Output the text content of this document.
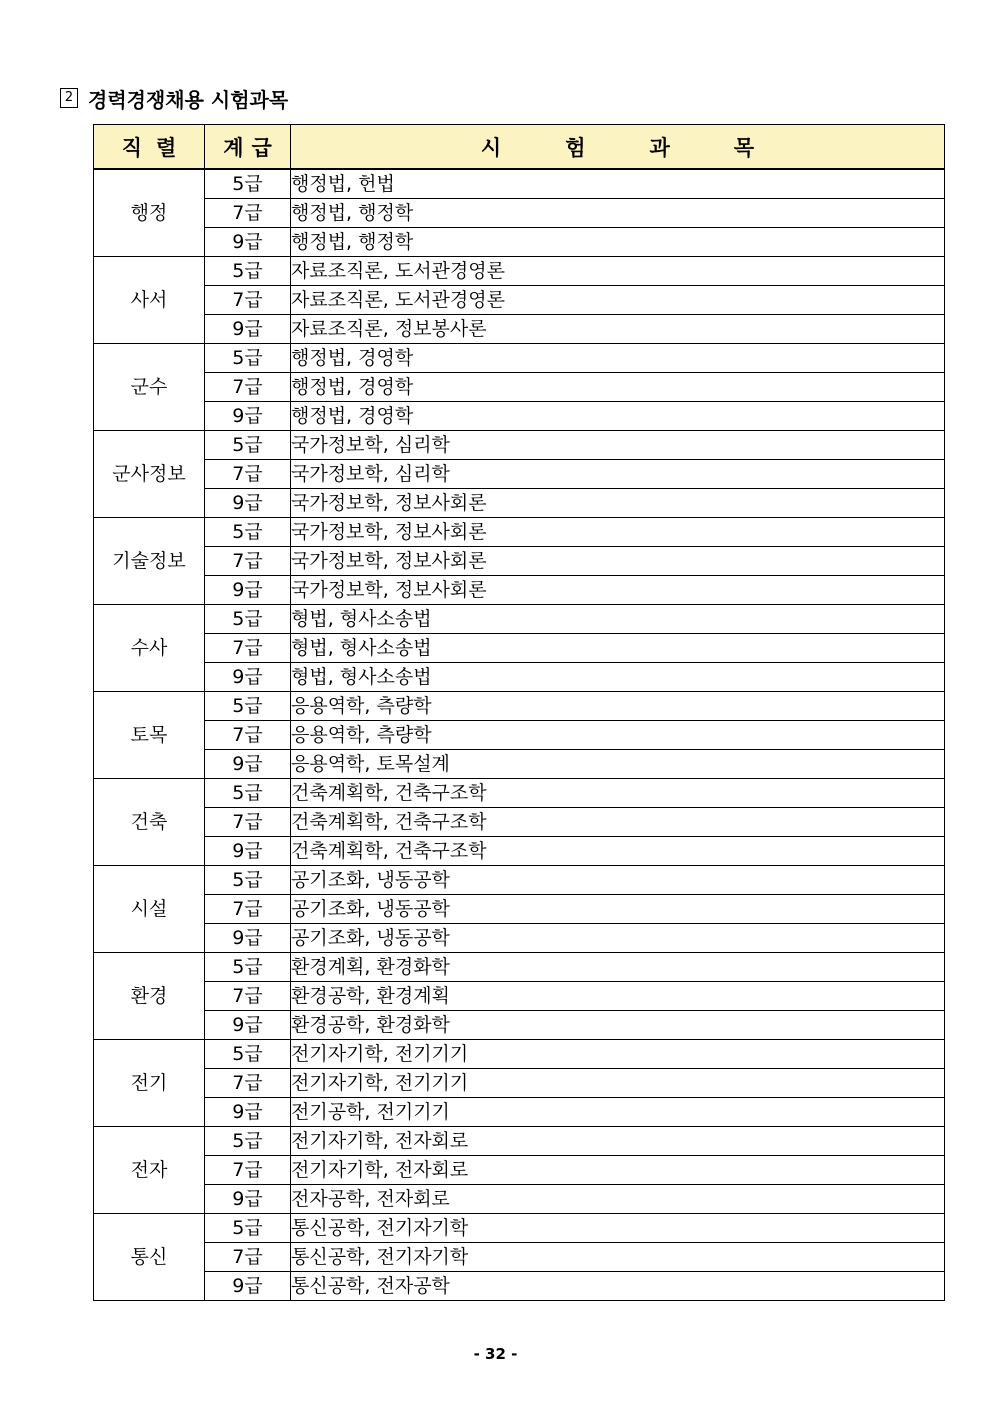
2 경력경쟁채용 시험과목
직렬	계급	시험과목
행정	5급	행정법, 헌법
	7급	행정법, 행정학
	9급	행정법, 행정학
사서	5급	자료조직론, 도서관경영론
	7급	자료조직론, 도서관경영론
	9급	자료조직론, 정보봉사론
군수	5급	행정법, 경영학
	7급	행정법, 경영학
	9급	행정법, 경영학
군사정보	5급	국가정보학, 심리학
	7급	국가정보학, 심리학
	9급	국가정보학, 정보사회론
기술정보	5급	국가정보학, 정보사회론
	7급	국가정보학, 정보사회론
	9급	국가정보학, 정보사회론
수사	5급	형법, 형사소송법
	7급	형법, 형사소송법
	9급	형법, 형사소송법
토목	5급	응용역학, 측량학
	7급	응용역학, 측량학
	9급	응용역학, 토목설계
건축	5급	건축계획학, 건축구조학
	7급	건축계획학, 건축구조학
	9급	건축계획학, 건축구조학
시설	5급	공기조화, 냉동공학
	7급	공기조화, 냉동공학
	9급	공기조화, 냉동공학
환경	5급	환경계획, 환경화학
	7급	환경공학, 환경계획
	9급	환경공학, 환경화학
전기	5급	전기자기학, 전기기기
	7급	전기자기학, 전기기기
	9급	전기공학, 전기기기
전자	5급	전기자기학, 전자회로
	7급	전기자기학, 전자회로
	9급	전자공학, 전자회로
통신	5급	통신공학, 전기자기학
	7급	통신공학, 전기자기학
	9급	통신공학, 전자공학
- 32 -
